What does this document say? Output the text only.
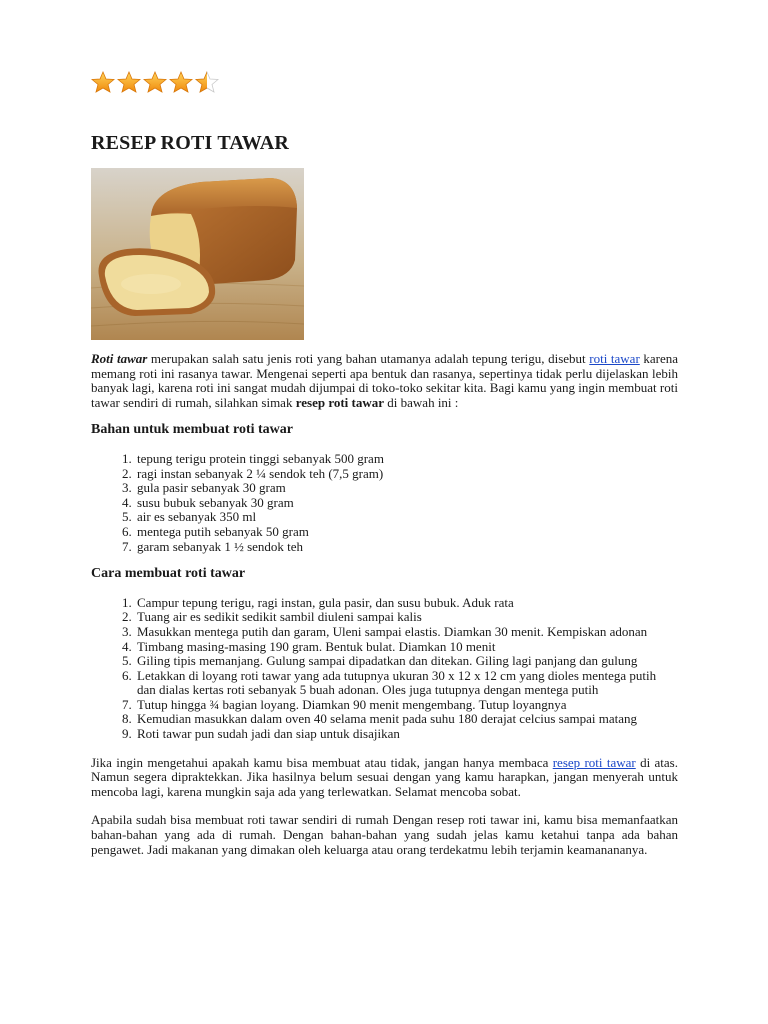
RESEP ROTI TAWAR

Roti tawar merupakan salah satu jenis roti yang bahan utamanya adalah tepung terigu, disebut roti tawar karena memang roti ini rasanya tawar. Mengenai seperti apa bentuk dan rasanya, sepertinya tidak perlu dijelaskan lebih banyak lagi, karena roti ini sangat mudah dijumpai di toko-toko sekitar kita. Bagi kamu yang ingin membuat roti tawar sendiri di rumah, silahkan simak resep roti tawar di bawah ini :

Bahan untuk membuat roti tawar
1. tepung terigu protein tinggi sebanyak 500 gram
2. ragi instan sebanyak 2 ¼ sendok teh (7,5 gram)
3. gula pasir sebanyak 30 gram
4. susu bubuk sebanyak 30 gram
5. air es sebanyak 350 ml
6. mentega putih sebanyak 50 gram
7. garam sebanyak 1 ½ sendok teh
Cara membuat roti tawar
1. Campur tepung terigu, ragi instan, gula pasir, dan susu bubuk. Aduk rata
2. Tuang air es sedikit sedikit sambil diuleni sampai kalis
3. Masukkan mentega putih dan garam, Uleni sampai elastis. Diamkan 30 menit. Kempiskan adonan
4. Timbang masing-masing 190 gram. Bentuk bulat. Diamkan 10 menit
5. Giling tipis memanjang. Gulung sampai dipadatkan dan ditekan. Giling lagi panjang dan gulung
6. Letakkan di loyang roti tawar yang ada tutupnya ukuran 30 x 12 x 12 cm yang dioles mentega putih dan dialas kertas roti sebanyak 5 buah adonan. Oles juga tutupnya dengan mentega putih
7. Tutup hingga ¾ bagian loyang. Diamkan 90 menit mengembang. Tutup loyangnya
8. Kemudian masukkan dalam oven 40 selama menit pada suhu 180 derajat celcius sampai matang
9. Roti tawar pun sudah jadi dan siap untuk disajikan

Jika ingin mengetahui apakah kamu bisa membuat atau tidak, jangan hanya membaca resep roti tawar di atas. Namun segera dipraktekkan. Jika hasilnya belum sesuai dengan yang kamu harapkan, jangan menyerah untuk mencoba lagi, karena mungkin saja ada yang terlewatkan. Selamat mencoba sobat.

Apabila sudah bisa membuat roti tawar sendiri di rumah Dengan resep roti tawar ini, kamu bisa memanfaatkan bahan-bahan yang ada di rumah. Dengan bahan-bahan yang sudah jelas kamu ketahui tanpa ada bahan pengawet. Jadi makanan yang dimakan oleh keluarga atau orang terdekatmu lebih terjamin keamanananya.
